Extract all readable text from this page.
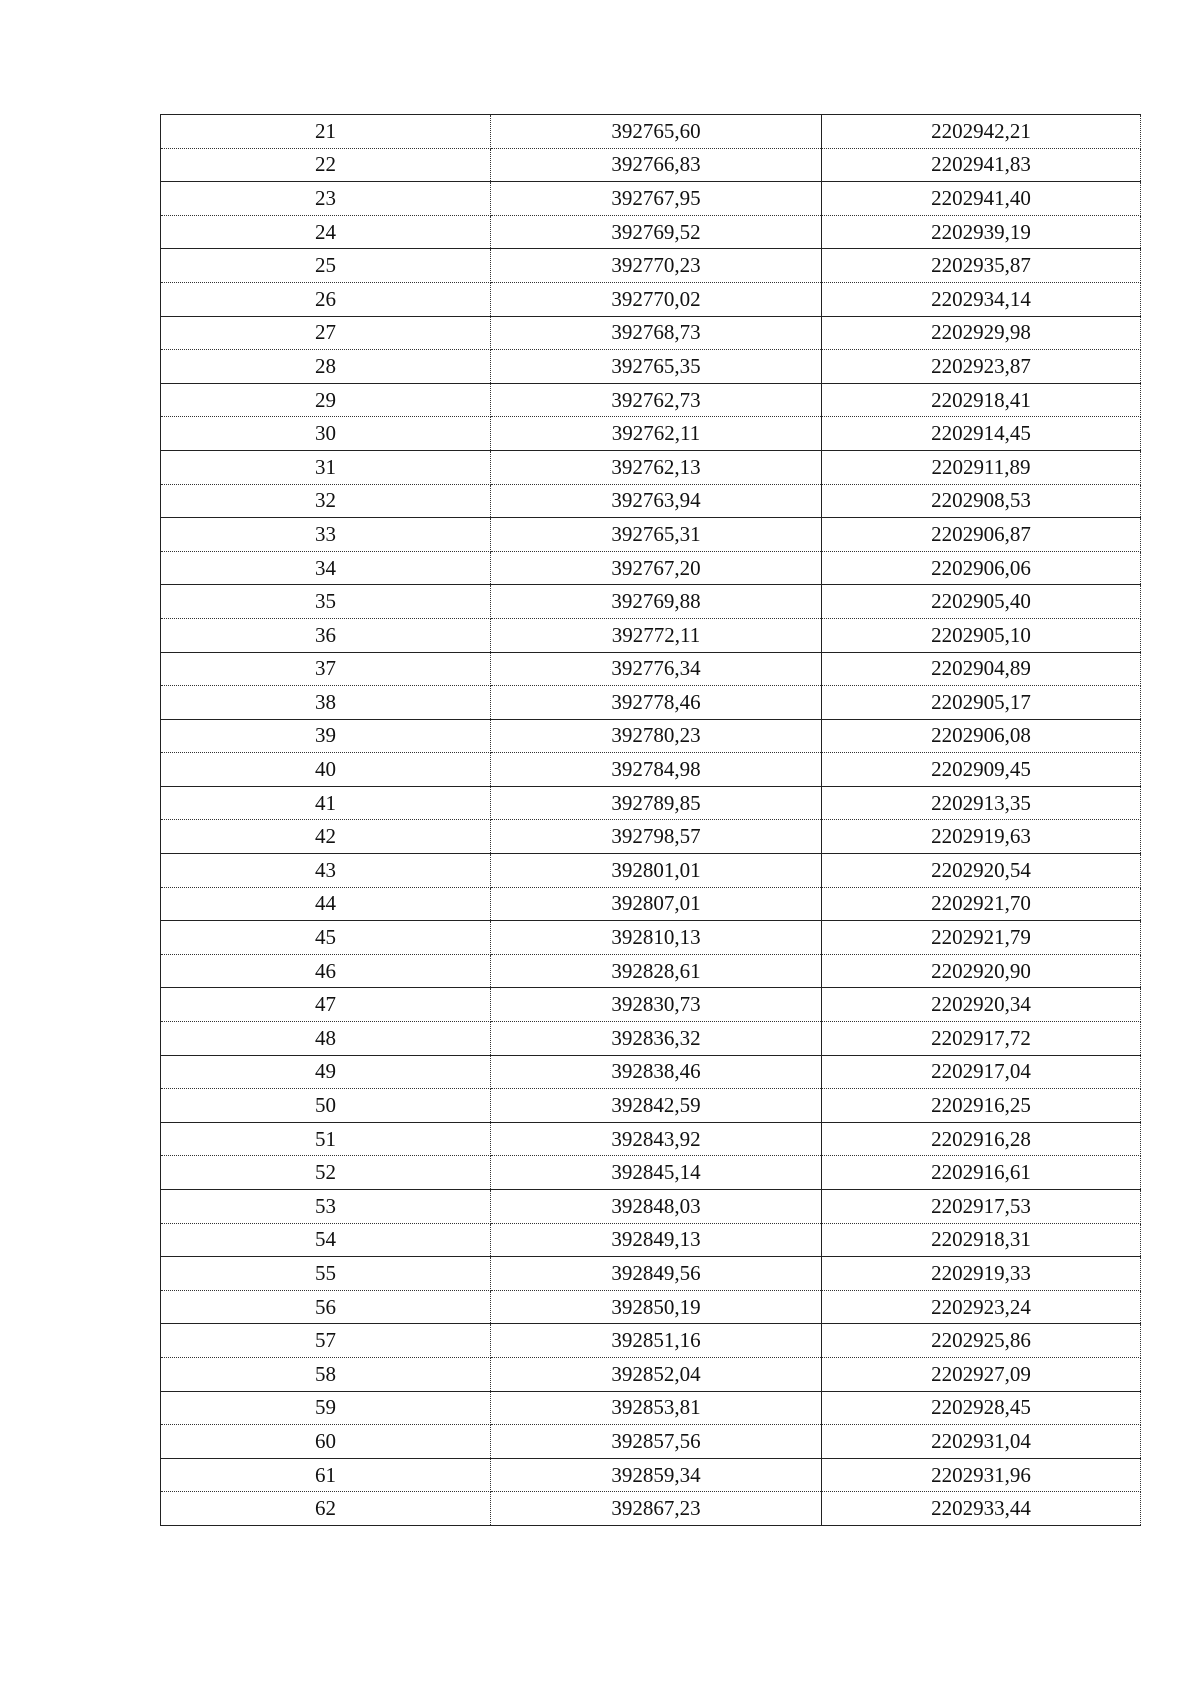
21	392765,60	2202942,21
22	392766,83	2202941,83
23	392767,95	2202941,40
24	392769,52	2202939,19
25	392770,23	2202935,87
26	392770,02	2202934,14
27	392768,73	2202929,98
28	392765,35	2202923,87
29	392762,73	2202918,41
30	392762,11	2202914,45
31	392762,13	2202911,89
32	392763,94	2202908,53
33	392765,31	2202906,87
34	392767,20	2202906,06
35	392769,88	2202905,40
36	392772,11	2202905,10
37	392776,34	2202904,89
38	392778,46	2202905,17
39	392780,23	2202906,08
40	392784,98	2202909,45
41	392789,85	2202913,35
42	392798,57	2202919,63
43	392801,01	2202920,54
44	392807,01	2202921,70
45	392810,13	2202921,79
46	392828,61	2202920,90
47	392830,73	2202920,34
48	392836,32	2202917,72
49	392838,46	2202917,04
50	392842,59	2202916,25
51	392843,92	2202916,28
52	392845,14	2202916,61
53	392848,03	2202917,53
54	392849,13	2202918,31
55	392849,56	2202919,33
56	392850,19	2202923,24
57	392851,16	2202925,86
58	392852,04	2202927,09
59	392853,81	2202928,45
60	392857,56	2202931,04
61	392859,34	2202931,96
62	392867,23	2202933,44
